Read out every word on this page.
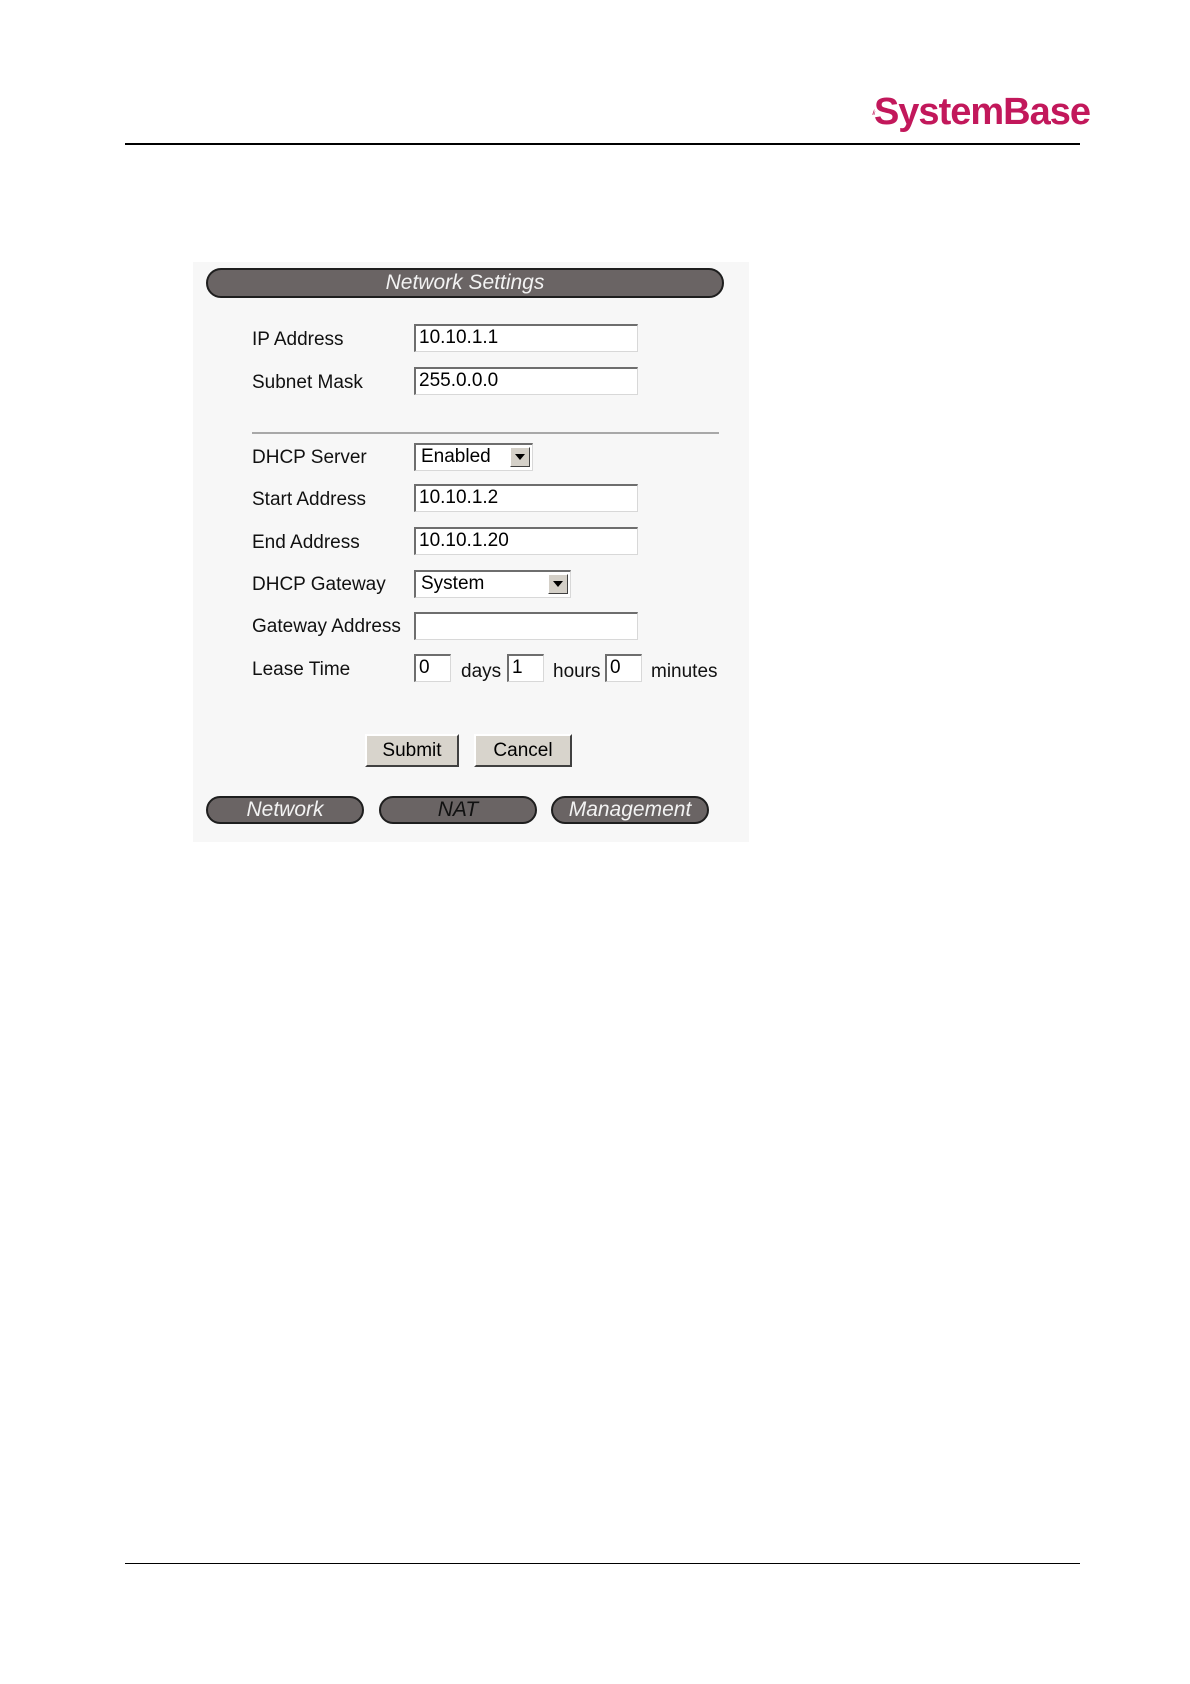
SystemBase
Network Settings
IP Address	10.10.1.1
Subnet Mask	255.0.0.0
DHCP Server	Enabled
Start Address	10.10.1.2
End Address	10.10.1.20
DHCP Gateway	System
Gateway Address
Lease Time	0	days 1	hours 0	minutes
Submit	Cancel
Network	NAT	Management
